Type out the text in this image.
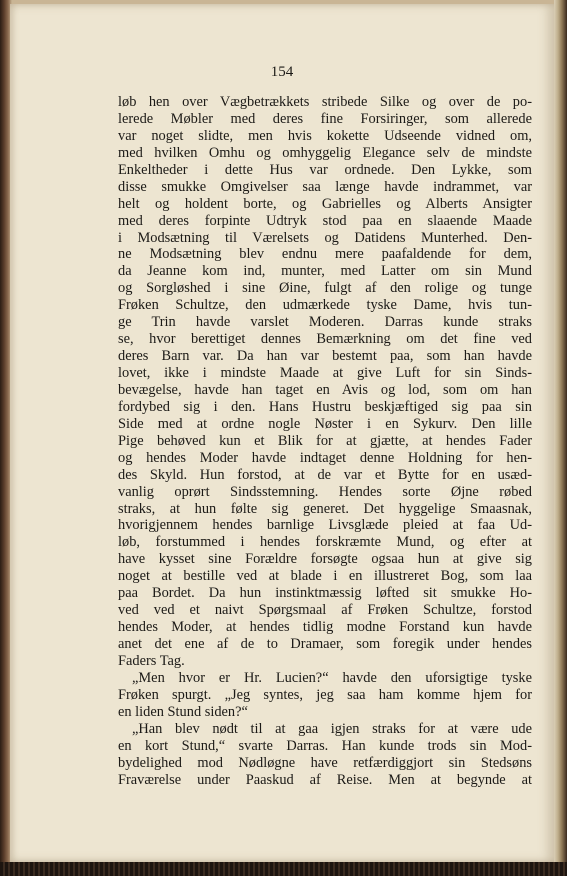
154
løb hen over Vægbetrækkets stribede Silke og over de po-
lerede Møbler med deres fine Forsiringer, som allerede
var noget slidte, men hvis kokette Udseende vidned om,
med hvilken Omhu og omhyggelig Elegance selv de mindste
Enkeltheder i dette Hus var ordnede. Den Lykke, som
disse smukke Omgivelser saa længe havde indrammet, var
helt og holdent borte, og Gabrielles og Alberts Ansigter
med deres forpinte Udtryk stod paa en slaaende Maade
i Modsætning til Værelsets og Datidens Munterhed. Den-
ne Modsætning blev endnu mere paafaldende for dem,
da Jeanne kom ind, munter, med Latter om sin Mund
og Sorgløshed i sine Øine, fulgt af den rolige og tunge
Frøken Schultze, den udmærkede tyske Dame, hvis tun-
ge Trin havde varslet Moderen. Darras kunde straks
se, hvor berettiget dennes Bemærkning om det fine ved
deres Barn var. Da han var bestemt paa, som han havde
lovet, ikke i mindste Maade at give Luft for sin Sinds-
bevægelse, havde han taget en Avis og lod, som om han
fordybed sig i den. Hans Hustru beskjæftiged sig paa sin
Side med at ordne nogle Nøster i en Sykurv. Den lille
Pige behøved kun et Blik for at gjætte, at hendes Fader
og hendes Moder havde indtaget denne Holdning for hen-
des Skyld. Hun forstod, at de var et Bytte for en usæd-
vanlig oprørt Sindsstemning. Hendes sorte Øjne røbed
straks, at hun følte sig generet. Det hyggelige Smaasnak,
hvorigjennem hendes barnlige Livsglæde pleied at faa Ud-
løb, forstummed i hendes forskræmte Mund, og efter at
have kysset sine Forældre forsøgte ogsaa hun at give sig
noget at bestille ved at blade i en illustreret Bog, som laa
paa Bordet. Da hun instinktmæssig løfted sit smukke Ho-
ved ved et naivt Spørgsmaal af Frøken Schultze, forstod
hendes Moder, at hendes tidlig modne Forstand kun havde
anet det ene af de to Dramaer, som foregik under hendes
Faders Tag.
„Men hvor er Hr. Lucien?“ havde den uforsigtige tyske
Frøken spurgt. „Jeg syntes, jeg saa ham komme hjem for
en liden Stund siden?“
„Han blev nødt til at gaa igjen straks for at være ude
en kort Stund,“ svarte Darras. Han kunde trods sin Mod-
bydelighed mod Nødløgne have retfærdiggjort sin Stedsøns
Fraværelse under Paaskud af Reise. Men at begynde at
